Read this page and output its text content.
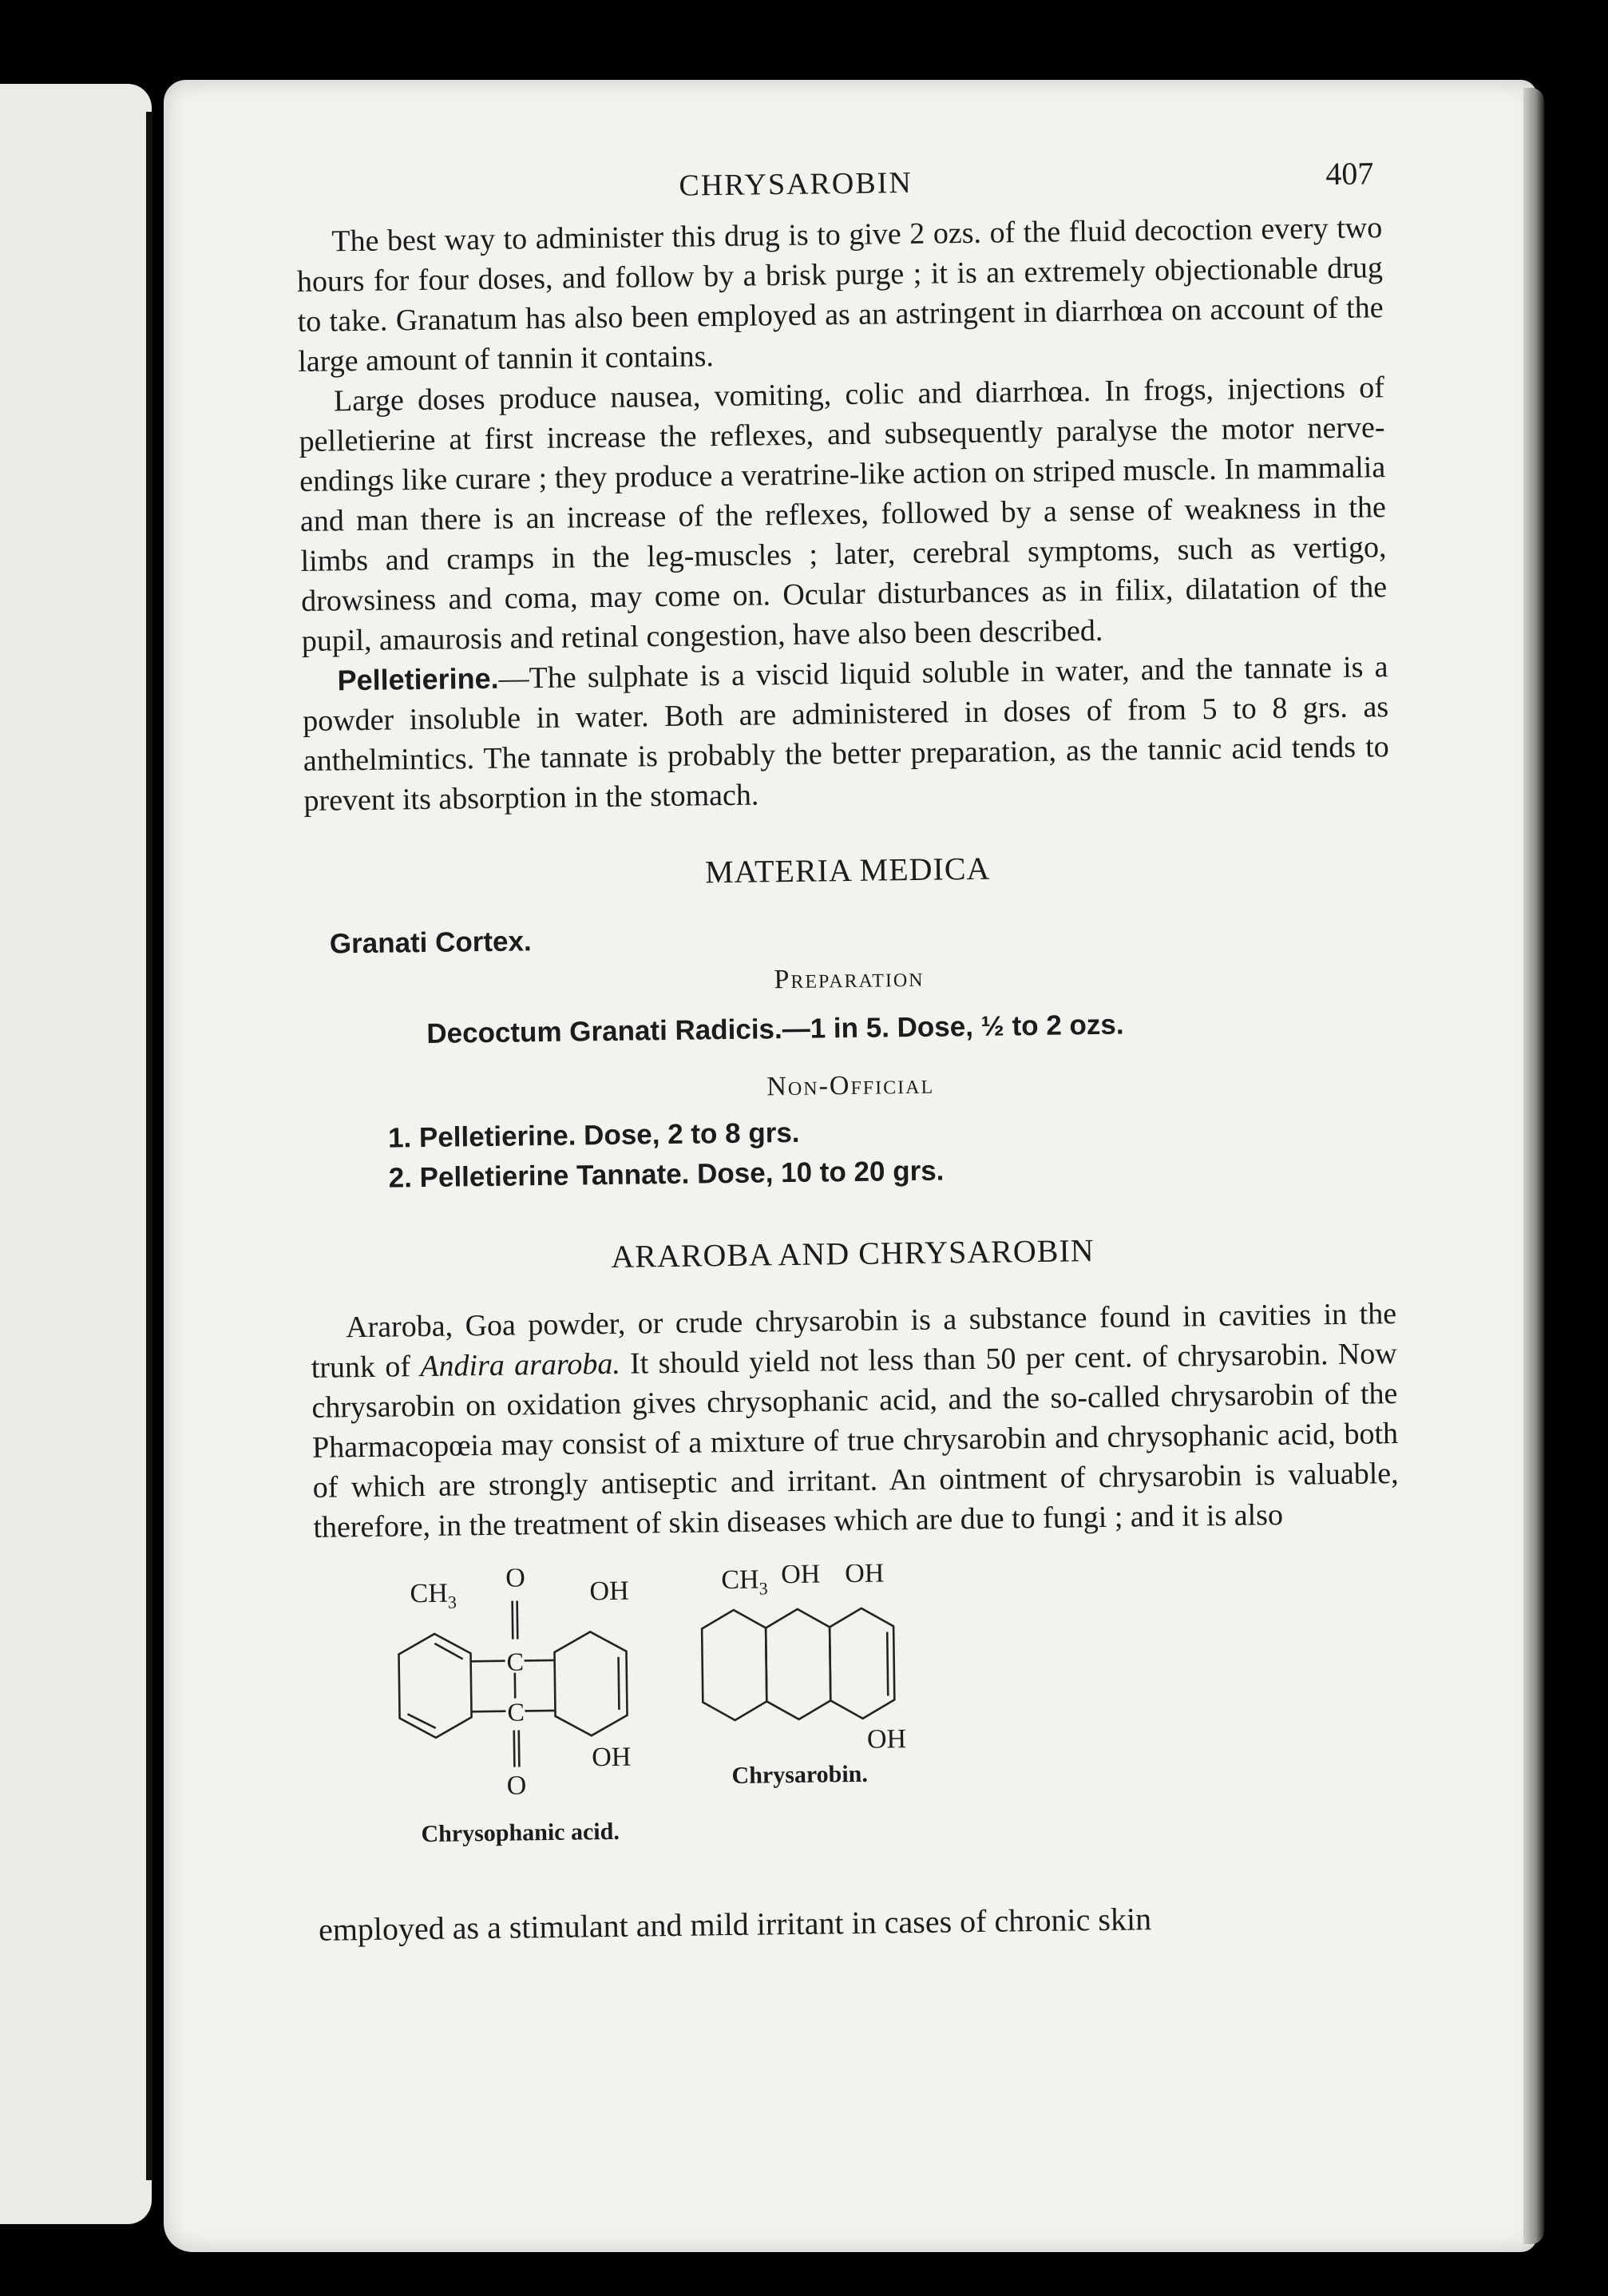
CHRYSAROBIN	407

The best way to administer this drug is to give 2 ozs. of the fluid decoction every two hours for four doses, and follow by a brisk purge ; it is an extremely objectionable drug to take. Granatum has also been employed as an astringent in diarrhœa on account of the large amount of tannin it contains.

Large doses produce nausea, vomiting, colic and diarrhœa. In frogs, injections of pelletierine at first increase the reflexes, and subsequently paralyse the motor nerve-endings like curare ; they produce a veratrine-like action on striped muscle. In mammalia and man there is an increase of the reflexes, followed by a sense of weakness in the limbs and cramps in the leg-muscles ; later, cerebral symptoms, such as vertigo, drowsiness and coma, may come on. Ocular disturbances as in filix, dilatation of the pupil, amaurosis and retinal congestion, have also been described.

Pelletierine.—The sulphate is a viscid liquid soluble in water, and the tannate is a powder insoluble in water. Both are administered in doses of from 5 to 8 grs. as anthelmintics. The tannate is probably the better preparation, as the tannic acid tends to prevent its absorption in the stomach.

MATERIA MEDICA
Granati Cortex.
Preparation
Decoctum Granati Radicis.—1 in 5. Dose, ½ to 2 ozs.
Non-Official
1. Pelletierine. Dose, 2 to 8 grs.
2. Pelletierine Tannate. Dose, 10 to 20 grs.
ARAROBA AND CHRYSAROBIN

Araroba, Goa powder, or crude chrysarobin is a substance found in cavities in the trunk of Andira araroba. It should yield not less than 50 per cent. of chrysarobin. Now chrysarobin on oxidation gives chrysophanic acid, and the so-called chrysarobin of the Pharmacopœia may consist of a mixture of true chrysarobin and chrysophanic acid, both of which are strongly antiseptic and irritant. An ointment of chrysarobin is valuable, therefore, in the treatment of skin diseases which are due to fungi ; and it is also

$CH_3$
O OH
C
C
OH
O
Chrysophanic acid.
$CH_3$ OH OH
OH
Chrysarobin.

employed as a stimulant and mild irritant in cases of chronic skin
